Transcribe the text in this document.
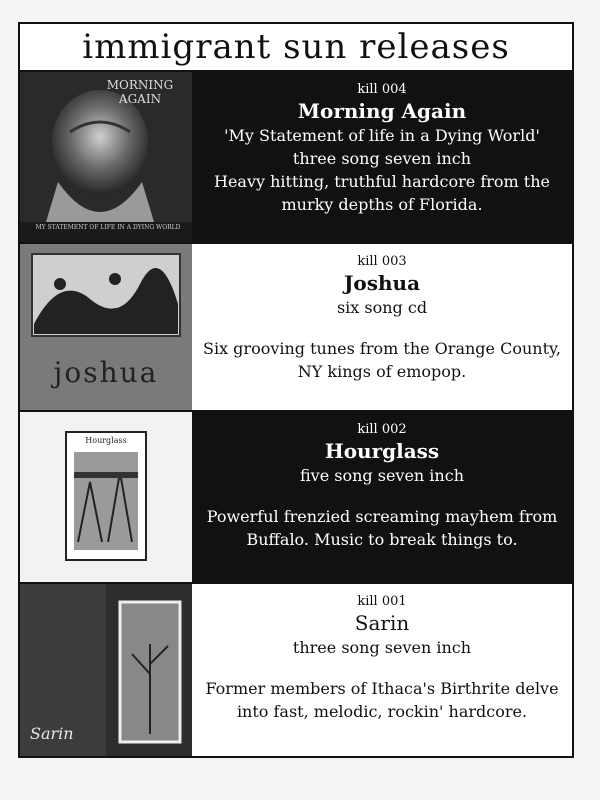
immigrant sun releases
MORNING AGAIN
MY STATEMENT OF LIFE IN A DYING WORLD
kill 004
Morning Again
'My Statement of life in a Dying World'
three song seven inch
Heavy hitting, truthful hardcore from the
murky depths of Florida.
joshua
kill 003
Joshua
six song cd
Six grooving tunes from the Orange County,
NY kings of emopop.
Hourglass
kill 002
Hourglass
five song seven inch
Powerful frenzied screaming mayhem from
Buffalo. Music to break things to.
Sarin
kill 001
Sarin
three song seven inch
Former members of Ithaca's Birthrite delve
into fast, melodic, rockin' hardcore.
